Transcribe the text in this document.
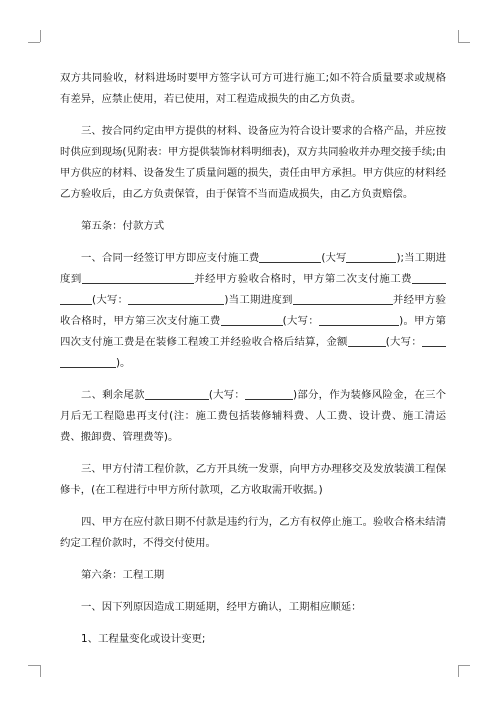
双方共同验收，材料进场时要甲方签字认可方可进行施工;如不符合质量要求或规格有差异，应禁止使用，若已使用，对工程造成损失的由乙方负责。

三、按合同约定由甲方提供的材料、设备应为符合设计要求的合格产品，并应按时供应到现场(见附表：甲方提供装饰材料明细表)，双方共同验收并办理交接手续;由甲方供应的材料、设备发生了质量问题的损失，责任由甲方承担。甲方供应的材料经乙方验收后，由乙方负责保管，由于保管不当而造成损失，由乙方负责赔偿。

第五条：付款方式

一、合同一经签订甲方即应支付施工费	(大写	);当工期进度到	并经甲方验收合格时，甲方第二次支付施工费(大写：	)当工期进度到	并经甲方验收合格时，甲方第三次支付施工费	(大写：	)。甲方第四次支付施工费是在装修工程竣工并经验收合格后结算，金额	(大写：)。

二、剩余尾款	(大写：	)部分，作为装修风险金，在三个月后无工程隐患再支付(注：施工费包括装修辅料费、人工费、设计费、施工清运费、搬卸费、管理费等)。

三、甲方付清工程价款，乙方开具统一发票，向甲方办理移交及发放装潢工程保修卡，(在工程进行中甲方所付款项，乙方收取需开收据。)

四、甲方在应付款日期不付款是违约行为，乙方有权停止施工。验收合格未结清约定工程价款时，不得交付使用。

第六条：工程工期

一、因下列原因造成工期延期，经甲方确认，工期相应顺延：

1、工程量变化或设计变更;
